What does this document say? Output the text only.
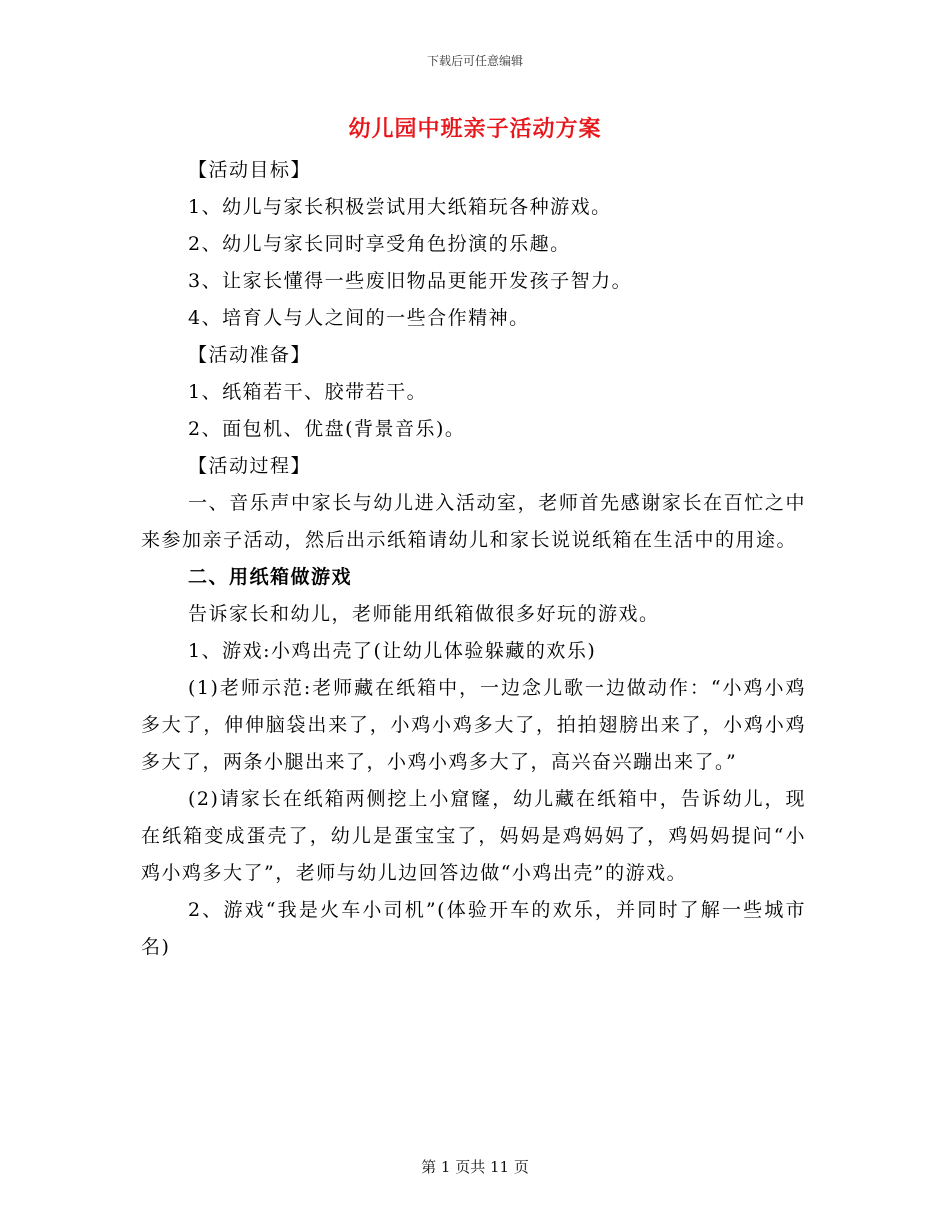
下载后可任意编辑
幼儿园中班亲子活动方案

【活动目标】

1、幼儿与家长积极尝试用大纸箱玩各种游戏。

2、幼儿与家长同时享受角色扮演的乐趣。

3、让家长懂得一些废旧物品更能开发孩子智力。

4、培育人与人之间的一些合作精神。

【活动准备】

1、纸箱若干、胶带若干。

2、面包机、优盘(背景音乐)。

【活动过程】

一、音乐声中家长与幼儿进入活动室，老师首先感谢家长在百忙之中来参加亲子活动，然后出示纸箱请幼儿和家长说说纸箱在生活中的用途。

二、用纸箱做游戏

告诉家长和幼儿，老师能用纸箱做很多好玩的游戏。

1、游戏:小鸡出壳了(让幼儿体验躲藏的欢乐)

(1)老师示范:老师藏在纸箱中，一边念儿歌一边做动作：“小鸡小鸡多大了，伸伸脑袋出来了，小鸡小鸡多大了，拍拍翅膀出来了，小鸡小鸡多大了，两条小腿出来了，小鸡小鸡多大了，高兴奋兴蹦出来了。”

(2)请家长在纸箱两侧挖上小窟窿，幼儿藏在纸箱中，告诉幼儿，现在纸箱变成蛋壳了，幼儿是蛋宝宝了，妈妈是鸡妈妈了，鸡妈妈提问“小鸡小鸡多大了”，老师与幼儿边回答边做“小鸡出壳”的游戏。

2、游戏“我是火车小司机”(体验开车的欢乐，并同时了解一些城市名)

第 1 页共 11 页
